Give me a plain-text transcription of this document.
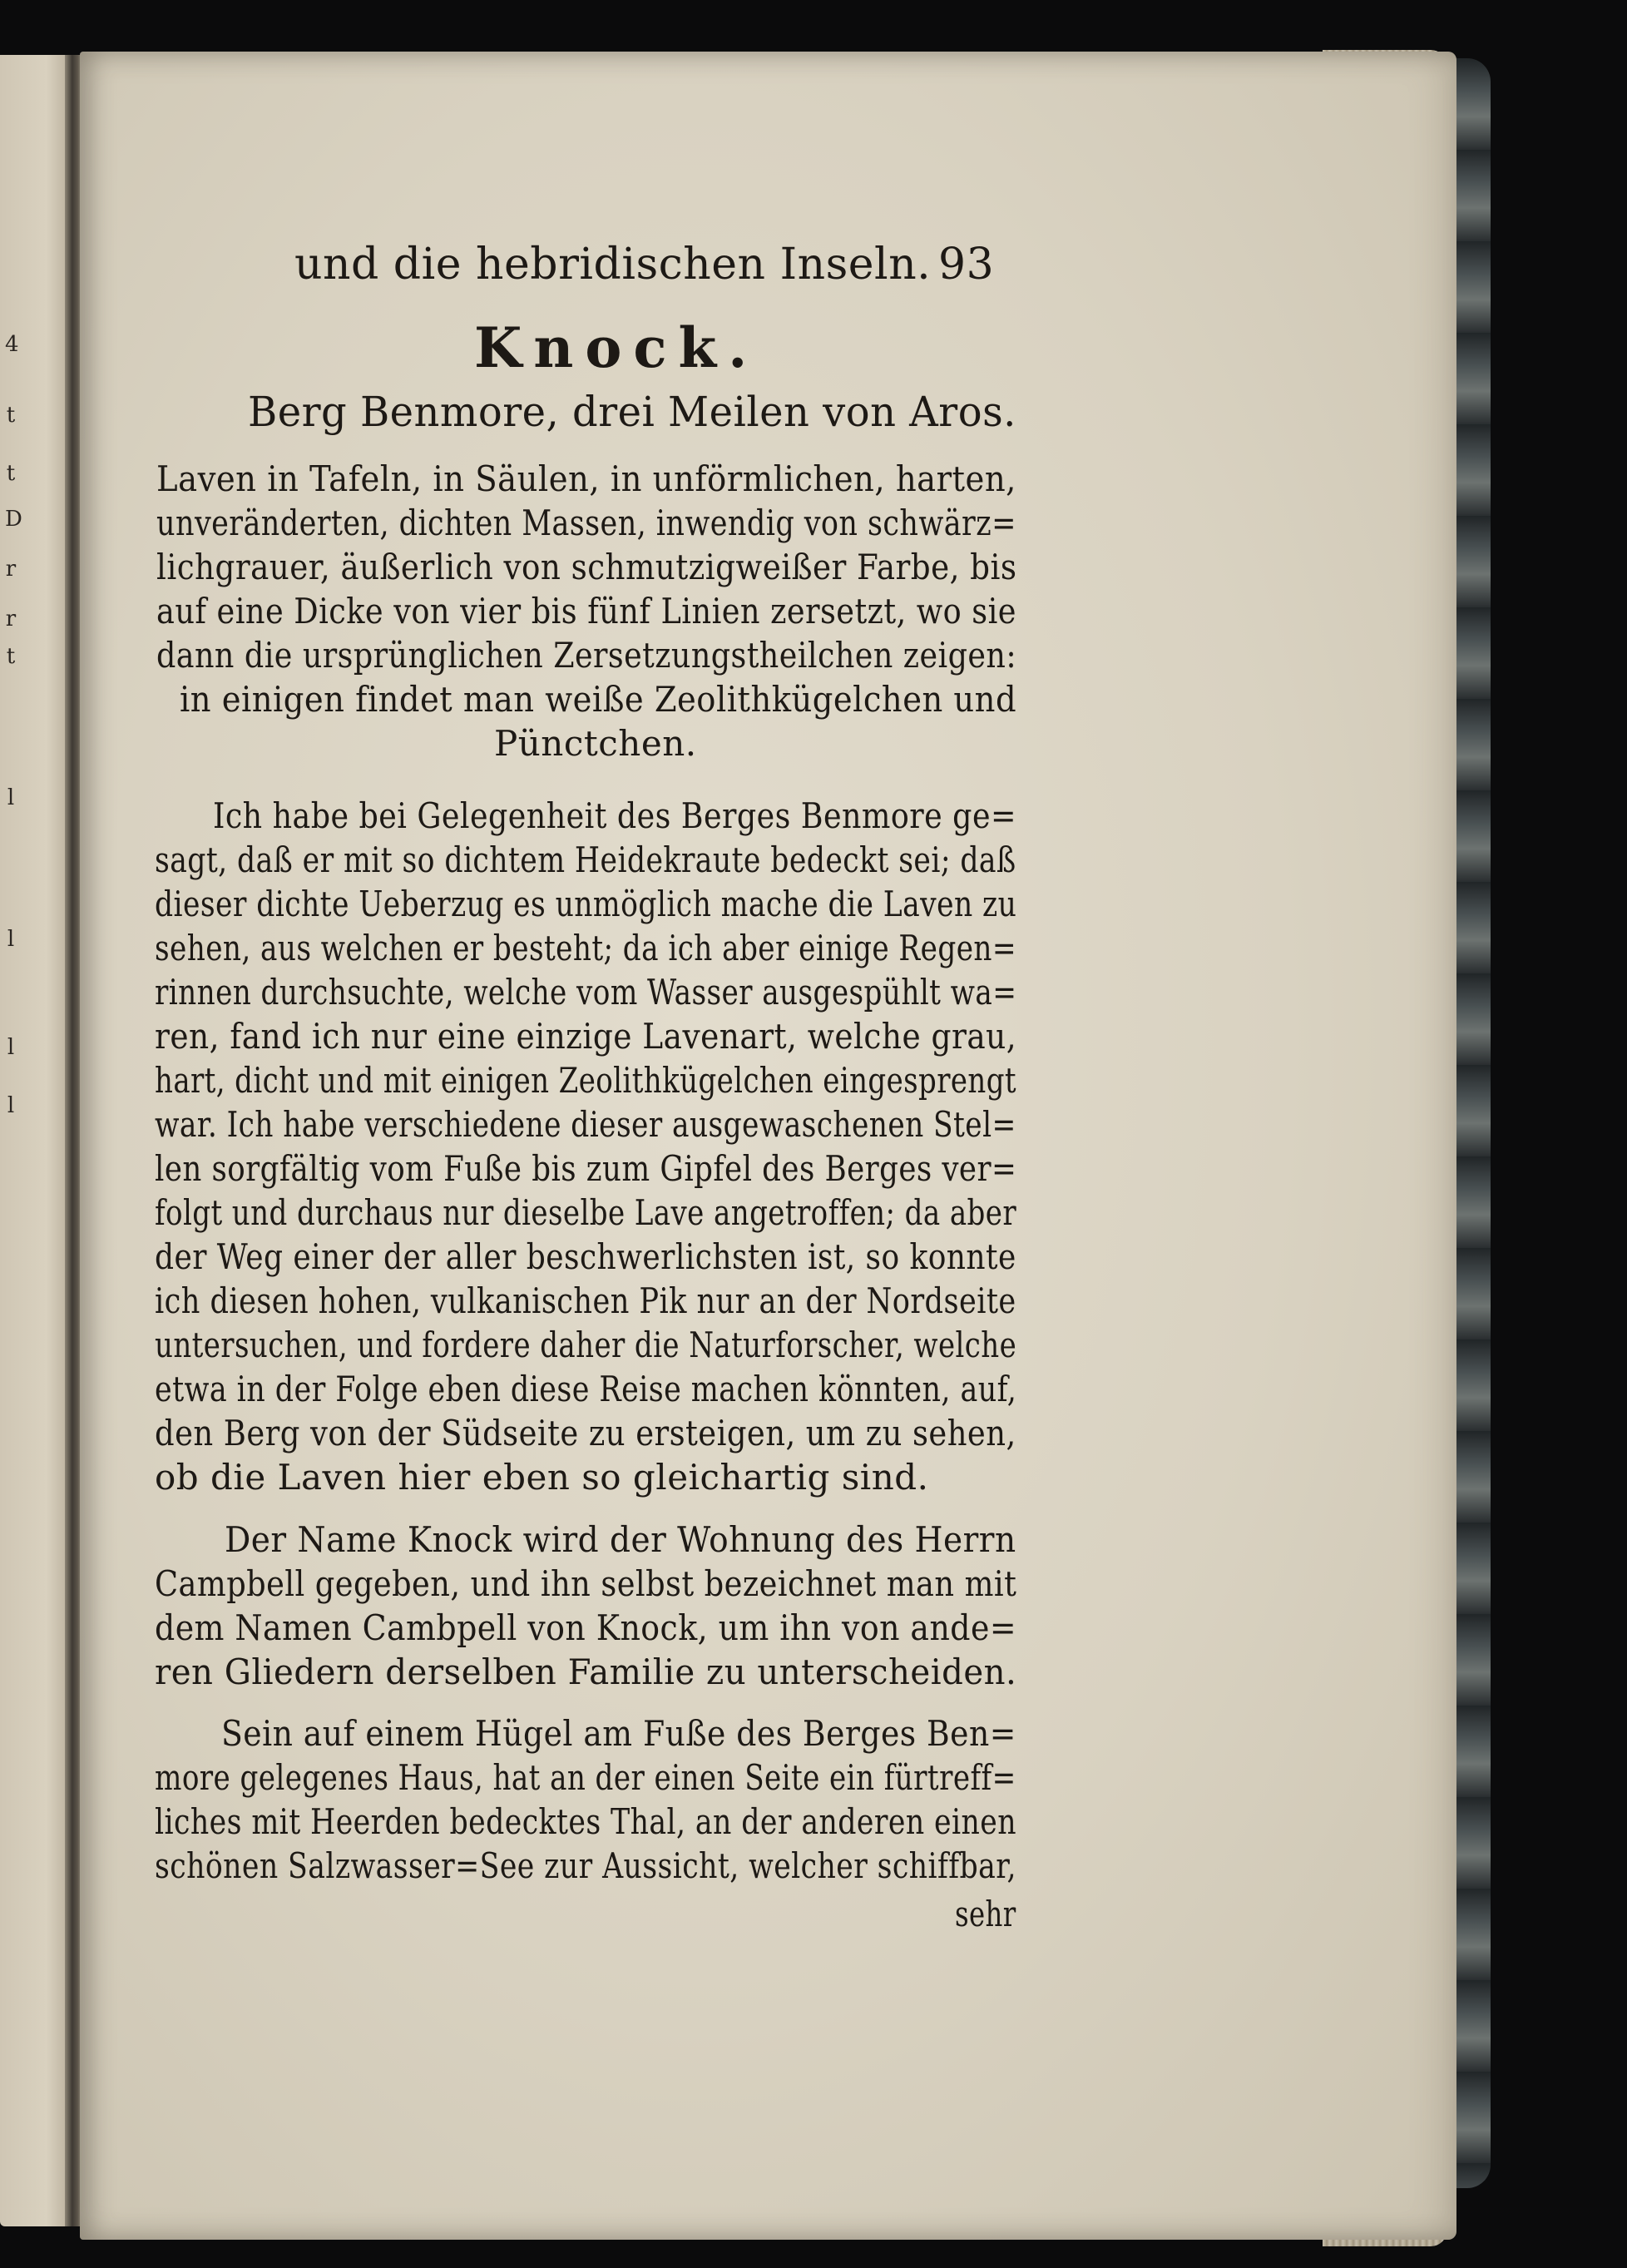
4
t
t
D
r
r
t
l
l
l
l
und die hebridischen Inseln. 93
Knock.
Berg Benmore, drei Meilen von Aros.
Laven in Tafeln, in Säulen, in unförmlichen, harten,
unveränderten, dichten Massen, inwendig von schwärz=
lichgrauer, äußerlich von schmutzigweißer Farbe, bis
auf eine Dicke von vier bis fünf Linien zersetzt, wo sie
dann die ursprünglichen Zersetzungstheilchen zeigen:
in einigen findet man weiße Zeolithkügelchen und
Pünctchen.
Ich habe bei Gelegenheit des Berges Benmore ge=
sagt, daß er mit so dichtem Heidekraute bedeckt sei; daß
dieser dichte Ueberzug es unmöglich mache die Laven zu
sehen, aus welchen er besteht; da ich aber einige Regen=
rinnen durchsuchte, welche vom Wasser ausgespühlt wa=
ren, fand ich nur eine einzige Lavenart, welche grau,
hart, dicht und mit einigen Zeolithkügelchen eingesprengt
war. Ich habe verschiedene dieser ausgewaschenen Stel=
len sorgfältig vom Fuße bis zum Gipfel des Berges ver=
folgt und durchaus nur dieselbe Lave angetroffen; da aber
der Weg einer der aller beschwerlichsten ist, so konnte
ich diesen hohen, vulkanischen Pik nur an der Nordseite
untersuchen, und fordere daher die Naturforscher, welche
etwa in der Folge eben diese Reise machen könnten, auf,
den Berg von der Südseite zu ersteigen, um zu sehen,
ob die Laven hier eben so gleichartig sind.
Der Name Knock wird der Wohnung des Herrn
Campbell gegeben, und ihn selbst bezeichnet man mit
dem Namen Cambpell von Knock, um ihn von ande=
ren Gliedern derselben Familie zu unterscheiden.
Sein auf einem Hügel am Fuße des Berges Ben=
more gelegenes Haus, hat an der einen Seite ein fürtreff=
liches mit Heerden bedecktes Thal, an der anderen einen
schönen Salzwasser=See zur Aussicht, welcher schiffbar,
sehr
